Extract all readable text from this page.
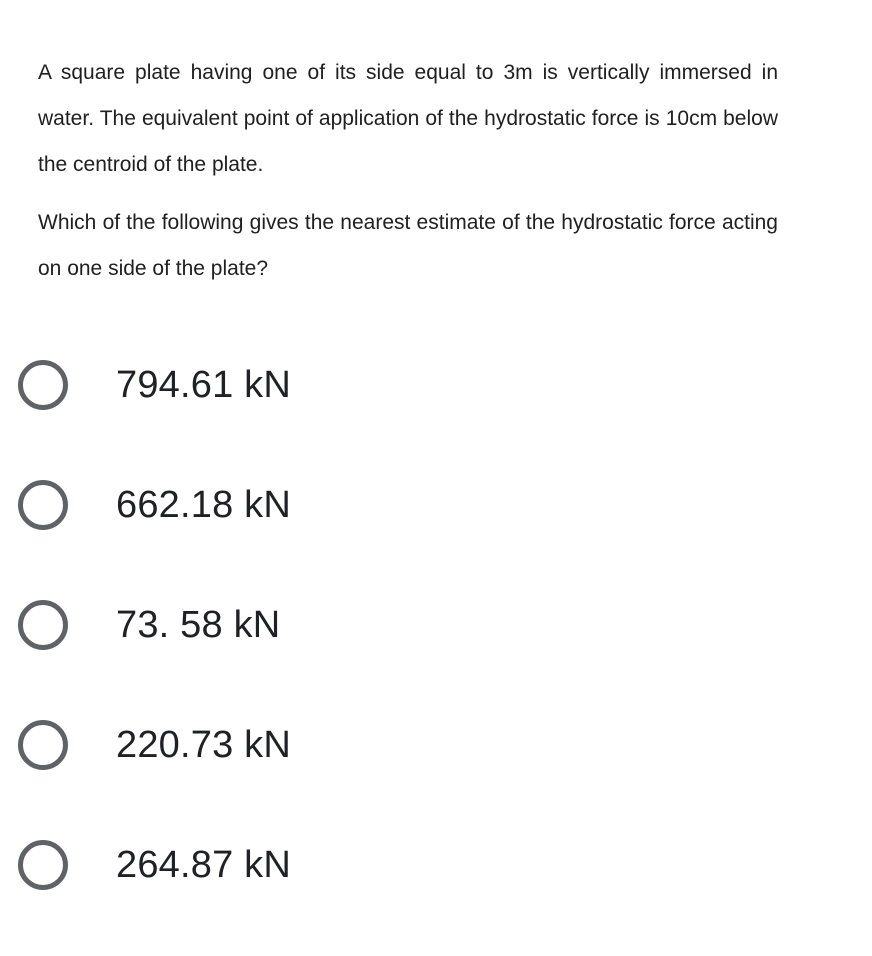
A square plate having one of its side equal to 3m is vertically immersed in water. The equivalent point of application of the hydrostatic force is 10cm below the centroid of the plate.

Which of the following gives the nearest estimate of the hydrostatic force acting on one side of the plate?

794.61 kN
662.18 kN
73. 58 kN
220.73 kN
264.87 kN
